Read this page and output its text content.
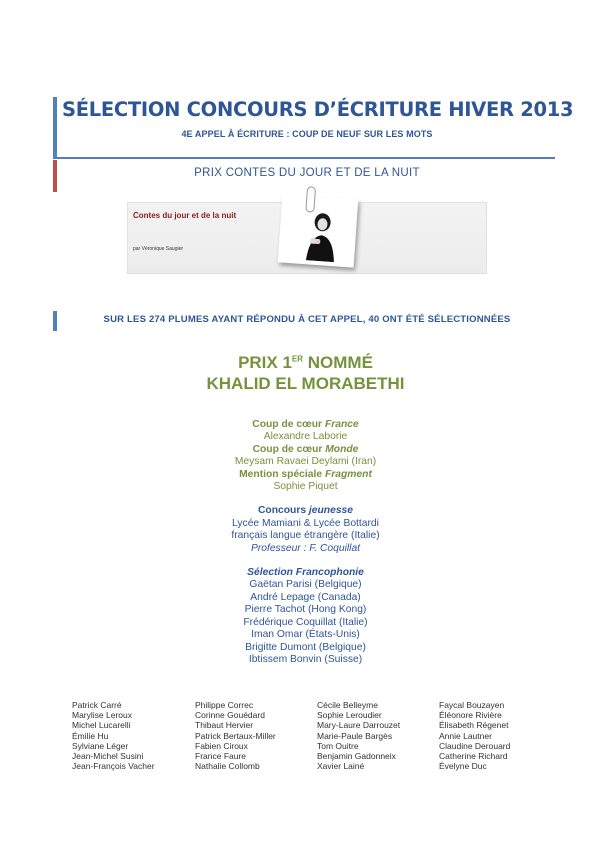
SÉLECTION CONCOURS D’ÉCRITURE HIVER 2013
4E APPEL À ÉCRITURE : COUP DE NEUF SUR LES MOTS
PRIX CONTES DU JOUR ET DE LA NUIT
Contes du jour et de la nuit
par Véronique Saugier
SUR LES 274 PLUMES AYANT RÉPONDU À CET APPEL, 40 ONT ÉTÉ SÉLECTIONNÉES
PRIX 1ER NOMMÉ
KHALID EL MORABETHI
Coup de cœur France
Alexandre Laborie
Coup de cœur Monde
Meysam Ravaei Deylami (Iran)
Mention spéciale Fragment
Sophie Piquet
Concours jeunesse
Lycée Mamiani & Lycée Bottardi
français langue étrangère (Italie)
Professeur : F. Coquillat
Sélection Francophonie
Gaëtan Parisi (Belgique)
André Lepage (Canada)
Pierre Tachot (Hong Kong)
Frédérique Coquillat (Italie)
Iman Omar (États-Unis)
Brigitte Dumont (Belgique)
Ibtissem Bonvin (Suisse)
Patrick Carré
Marylise Leroux
Michel Lucarelli
Émilie Hu
Sylviane Léger
Jean-Michel Susini
Jean-François Vacher
Philippe Correc
Corinne Gouédard
Thibaut Hervier
Patrick Bertaux-Miller
Fabien Ciroux
France Faure
Nathalie Collomb
Cécile Belleyme
Sophie Leroudier
Mary-Laure Darrouzet
Marie-Paule Bargès
Tom Ouitre
Benjamin Gadonneix
Xavier Lainé
Faycal Bouzayen
Éléonore Rivière
Élisabeth Régenet
Annie Lautner
Claudine Derouard
Catherine Richard
Évelyne Duc
